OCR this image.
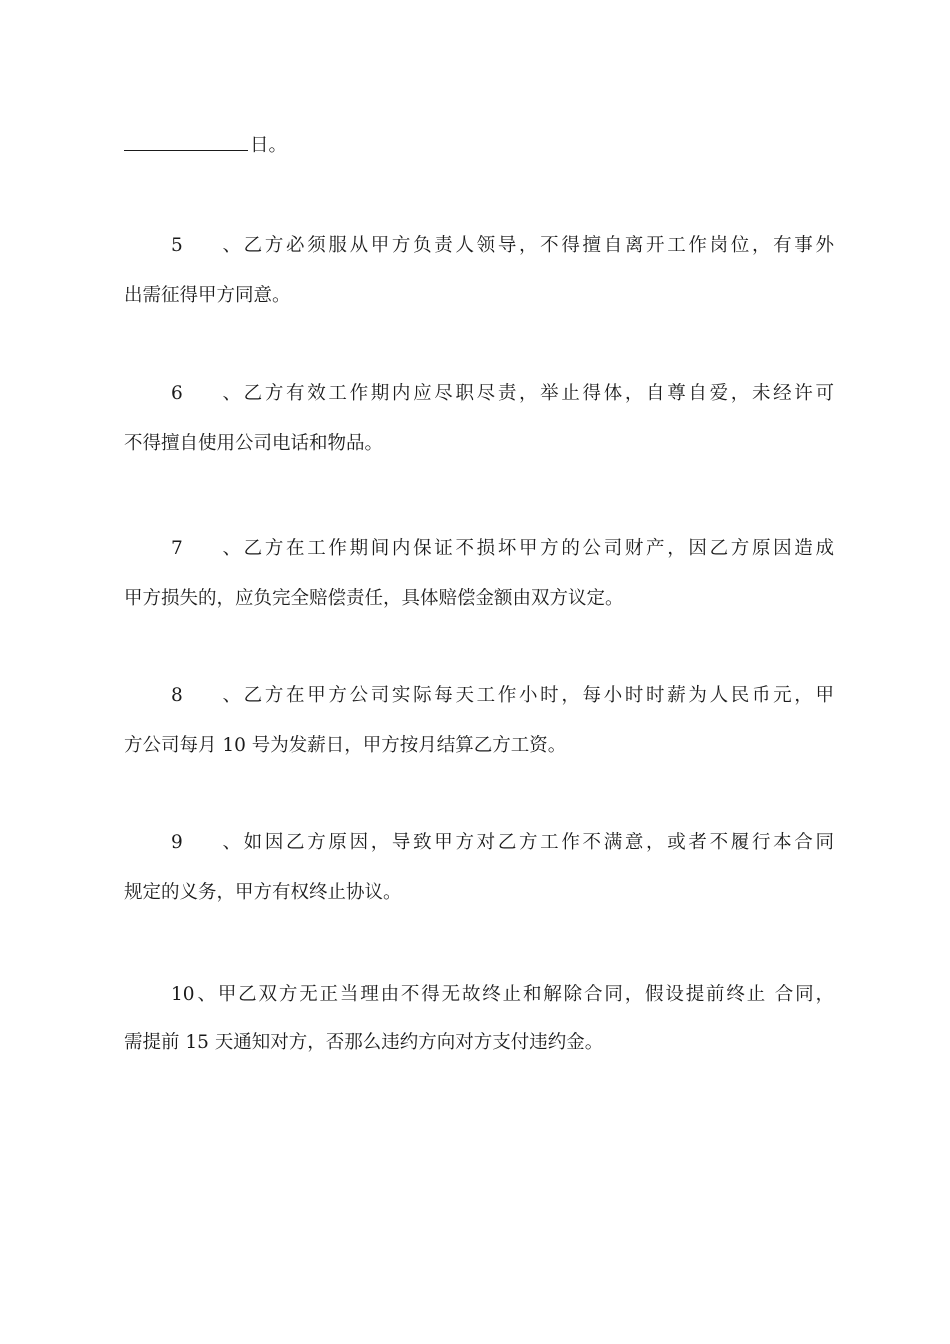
日。
5、乙方必须服从甲方负责人领导，不得擅自离开工作岗位，有事外
出需征得甲方同意。
6、乙方有效工作期内应尽职尽责，举止得体，自尊自爱，未经许可
不得擅自使用公司电话和物品。
7、乙方在工作期间内保证不损坏甲方的公司财产，因乙方原因造成
甲方损失的，应负完全赔偿责任，具体赔偿金额由双方议定。
8、乙方在甲方公司实际每天工作小时，每小时时薪为人民币元，甲
方公司每月 10 号为发薪日，甲方按月结算乙方工资。
9、如因乙方原因，导致甲方对乙方工作不满意，或者不履行本合同
规定的义务，甲方有权终止协议。
10、甲乙双方无正当理由不得无故终止和解除合同，假设提前终止 合同，
需提前 15 天通知对方，否那么违约方向对方支付违约金。
